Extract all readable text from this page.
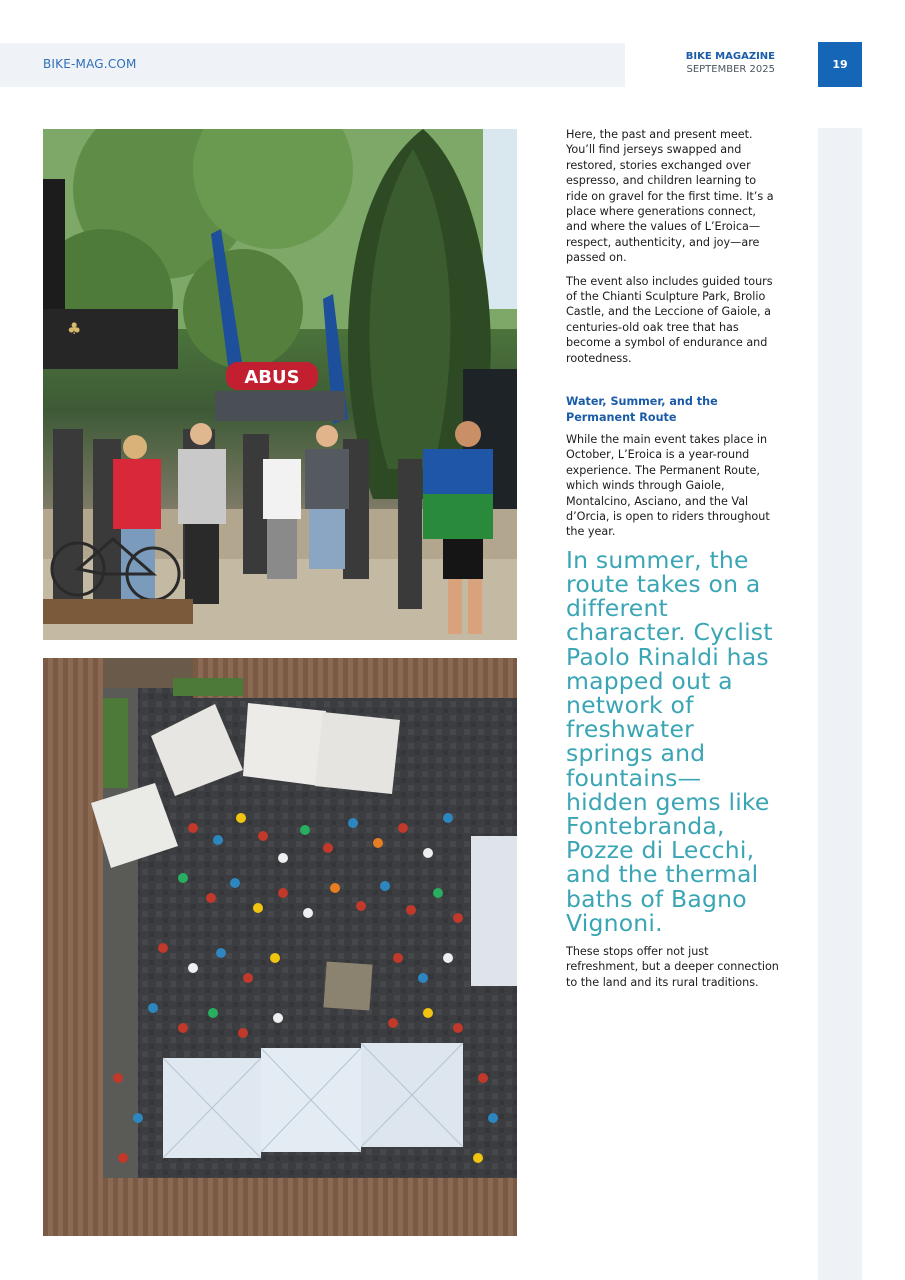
BIKE-MAG.COM
BIKE MAGAZINE
SEPTEMBER 2025	19
♣
ABUS

Here, the past and present meet. You’ll find jerseys swapped and restored, stories exchanged over espresso, and children learning to ride on gravel for the first time. It’s a place where generations connect, and where the values of L’Eroica—respect, authenticity, and joy—are passed on.

The event also includes guided tours of the Chianti Sculpture Park, Brolio Castle, and the Leccione of Gaiole, a centuries-old oak tree that has become a symbol of endurance and rootedness.

Water, Summer, and the Permanent Route

While the main event takes place in October, L’Eroica is a year-round experience. The Permanent Route, which winds through Gaiole, Montalcino, Asciano, and the Val d’Orcia, is open to riders throughout the year.

In summer, the route takes on a different character. Cyclist Paolo Rinaldi has mapped out a network of freshwater springs and fountains—hidden gems like Fontebranda, Pozze di Lecchi, and the thermal baths of Bagno Vignoni.

These stops offer not just refreshment, but a deeper connection to the land and its rural traditions.
